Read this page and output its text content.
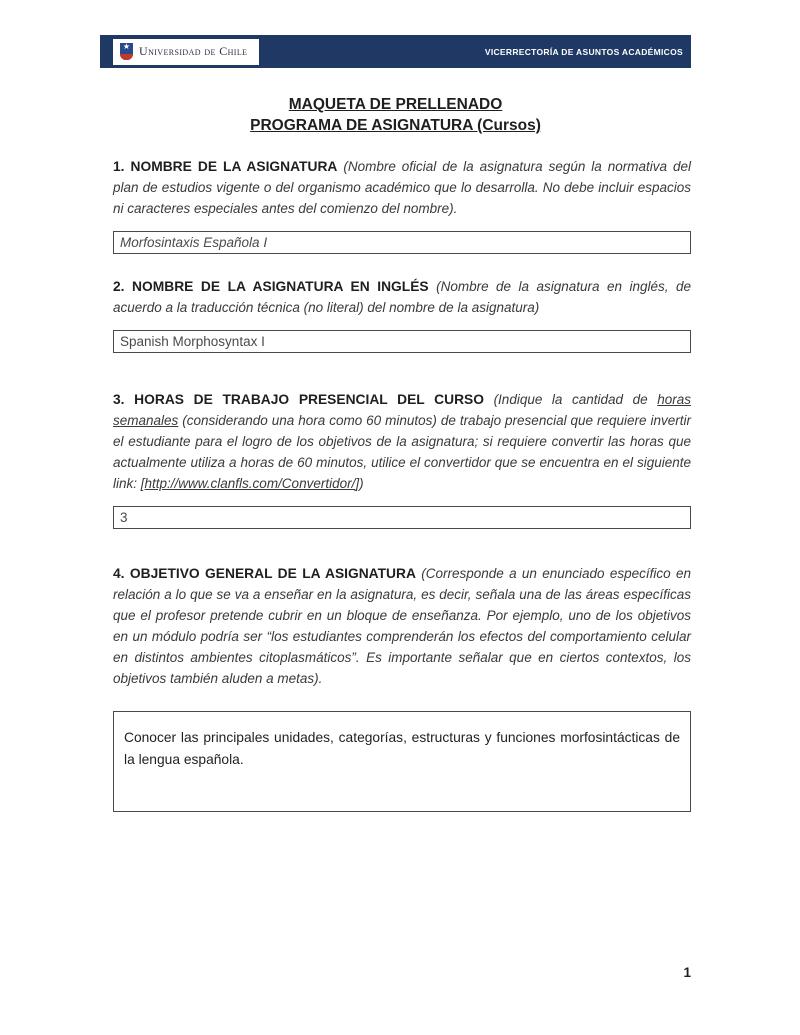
★ Universidad de Chile	VICERRECTORÍA DE ASUNTOS ACADÉMICOS
MAQUETA DE PRELLENADO
PROGRAMA DE ASIGNATURA (Cursos)

1. NOMBRE DE LA ASIGNATURA (Nombre oficial de la asignatura según la normativa del plan de estudios vigente o del organismo académico que lo desarrolla. No debe incluir espacios ni caracteres especiales antes del comienzo del nombre).

Morfosintaxis Española I

2. NOMBRE DE LA ASIGNATURA EN INGLÉS (Nombre de la asignatura en inglés, de acuerdo a la traducción técnica (no literal) del nombre de la asignatura)

Spanish Morphosyntax I

3. HORAS DE TRABAJO PRESENCIAL DEL CURSO (Indique la cantidad de horas semanales (considerando una hora como 60 minutos) de trabajo presencial que requiere invertir el estudiante para el logro de los objetivos de la asignatura; si requiere convertir las horas que actualmente utiliza a horas de 60 minutos, utilice el convertidor que se encuentra en el siguiente link: [http://www.clanfls.com/Convertidor/])

3

4. OBJETIVO GENERAL DE LA ASIGNATURA (Corresponde a un enunciado específico en relación a lo que se va a enseñar en la asignatura, es decir, señala una de las áreas específicas que el profesor pretende cubrir en un bloque de enseñanza. Por ejemplo, uno de los objetivos en un módulo podría ser “los estudiantes comprenderán los efectos del comportamiento celular en distintos ambientes citoplasmáticos”. Es importante señalar que en ciertos contextos, los objetivos también aluden a metas).

Conocer las principales unidades, categorías, estructuras y funciones morfosintácticas de la lengua española.
1
